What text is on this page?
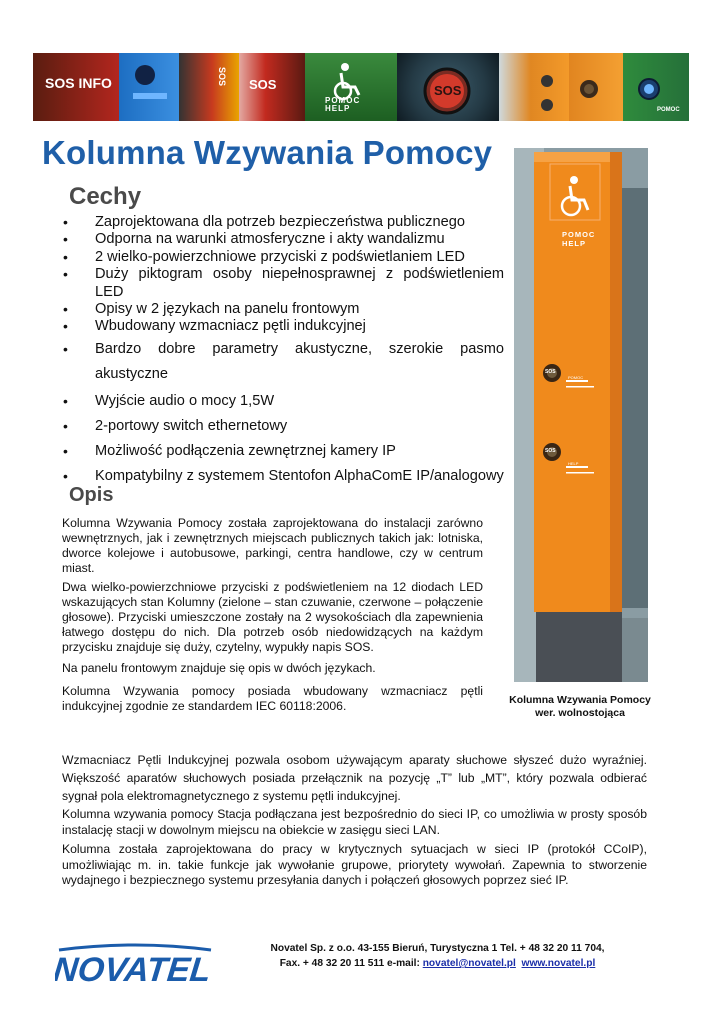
SOS INFO	SOS SOS
POMOC
HELP
SOS
POMOC
Kolumna Wzywania Pomocy
Cechy
• Zaprojektowana dla potrzeb bezpieczeństwa publicznego
• Odporna na warunki atmosferyczne i akty wandalizmu
• 2 wielko-powierzchniowe przyciski z podświetlaniem LED
• Duży piktogram osoby niepełnosprawnej z podświetleniem LED
• Opisy w 2 językach na panelu frontowym
• Wbudowany wzmacniacz pętli indukcyjnej
• Bardzo dobre parametry akustyczne, szerokie pasmo akustyczne
• Wyjście audio o mocy 1,5W
• 2-portowy switch ethernetowy
• Możliwość podłączenia zewnętrznej kamery IP
• Kompatybilny z systemem Stentofon AlphaComE IP/analogowy
Opis

Kolumna Wzywania Pomocy została zaprojektowana do instalacji zarówno wewnętrznych, jak i zewnętrznych miejscach publicznych takich jak: lotniska, dworce kolejowe i autobusowe, parkingi, centra handlowe, czy w centrum miast.

Dwa wielko-powierzchniowe przyciski z podświetleniem na 12 diodach LED wskazujących stan Kolumny (zielone – stan czuwanie, czerwone – połączenie głosowe). Przyciski umieszczone zostały na 2 wysokościach dla zapewnienia łatwego dostępu do nich. Dla potrzeb osób niedowidzących na każdym przycisku znajduje się duży, czytelny, wypukły napis SOS.

Na panelu frontowym znajduje się opis w dwóch językach.

Kolumna Wzywania pomocy posiada wbudowany wzmacniacz pętli indukcyjnej zgodnie ze standardem IEC 60118:2006.

POMOC
HELP
SOS
POMOC
SOS
HELP

Kolumna Wzywania Pomocy
wer. wolnostojąca

Wzmacniacz Pętli Indukcyjnej pozwala osobom używającym aparaty słuchowe słyszeć dużo wyraźniej. Większość aparatów słuchowych posiada przełącznik na pozycję „T” lub „MT”, który pozwala odbierać sygnał pola elektromagnetycznego z systemu pętli indukcyjnej.

Kolumna wzywania pomocy Stacja podłączana jest bezpośrednio do sieci IP, co umożliwia w prosty sposób instalację stacji w dowolnym miejscu na obiekcie w zasięgu sieci LAN.

Kolumna została zaprojektowana do pracy w krytycznych sytuacjach w sieci IP (protokół CCoIP), umożliwiając m. in. takie funkcje jak wywołanie grupowe, priorytety wywołań. Zapewnia to stworzenie wydajnego i bezpiecznego systemu przesyłania danych i połączeń głosowych poprzez sieć IP.

NOVATEL

Novatel Sp. z o.o. 43-155 Bieruń, Turystyczna 1 Tel. + 48 32 20 11 704,
Fax. + 48 32 20 11 511 e-mail: novatel@novatel.pl www.novatel.pl
